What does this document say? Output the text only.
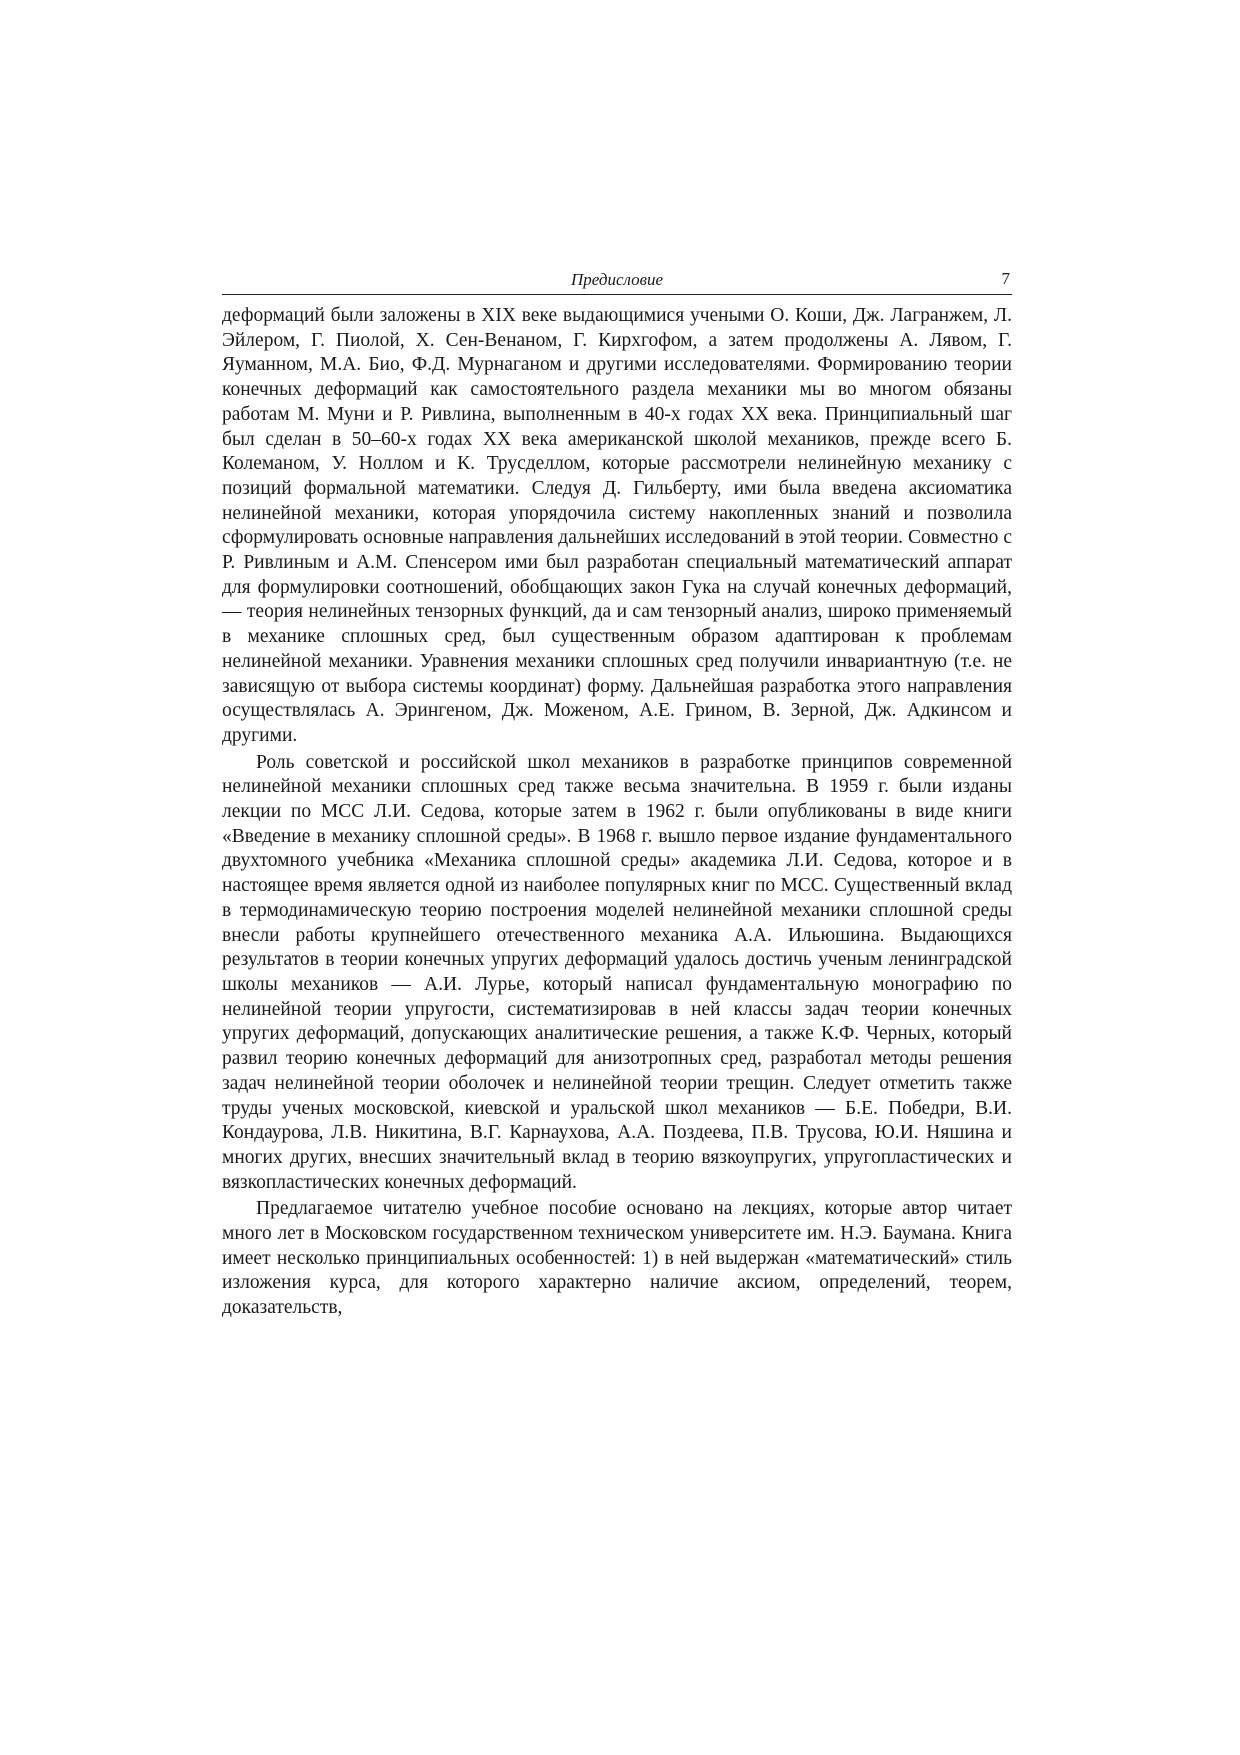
Предисловие	7

деформаций были заложены в XIX веке выдающимися учеными О. Коши, Дж. Лагранжем, Л. Эйлером, Г. Пиолой, Х. Сен-Венаном, Г. Кирхгофом, а затем продолжены А. Лявом, Г. Яуманном, М.А. Био, Ф.Д. Мурнаганом и другими исследователями. Формированию теории конечных деформаций как самостоятельного раздела механики мы во многом обязаны работам М. Муни и Р. Ривлина, выполненным в 40-х годах XX века. Принципиальный шаг был сделан в 50–60-х годах XX века американской школой механиков, прежде всего Б. Колеманом, У. Ноллом и К. Трусделлом, которые рассмотрели нелинейную механику с позиций формальной математики. Следуя Д. Гильберту, ими была введена аксиоматика нелинейной механики, которая упорядочила систему накопленных знаний и позволила сформулировать основные направления дальнейших исследований в этой теории. Совместно с Р. Ривлиным и А.М. Спенсером ими был разработан специальный математический аппарат для формулировки соотношений, обобщающих закон Гука на случай конечных деформаций, — теория нелинейных тензорных функций, да и сам тензорный анализ, широко применяемый в механике сплошных сред, был существенным образом адаптирован к проблемам нелинейной механики. Уравнения механики сплошных сред получили инвариантную (т.е. не зависящую от выбора системы координат) форму. Дальнейшая разработка этого направления осуществлялась А. Эрингеном, Дж. Моженом, А.Е. Грином, В. Зерной, Дж. Адкинсом и другими.

Роль советской и российской школ механиков в разработке принципов современной нелинейной механики сплошных сред также весьма значительна. В 1959 г. были изданы лекции по МСС Л.И. Седова, которые затем в 1962 г. были опубликованы в виде книги «Введение в механику сплошной среды». В 1968 г. вышло первое издание фундаментального двухтомного учебника «Механика сплошной среды» академика Л.И. Седова, которое и в настоящее время является одной из наиболее популярных книг по МСС. Существенный вклад в термодинамическую теорию построения моделей нелинейной механики сплошной среды внесли работы крупнейшего отечественного механика А.А. Ильюшина. Выдающихся результатов в теории конечных упругих деформаций удалось достичь ученым ленинградской школы механиков — А.И. Лурье, который написал фундаментальную монографию по нелинейной теории упругости, систематизировав в ней классы задач теории конечных упругих деформаций, допускающих аналитические решения, а также К.Ф. Черных, который развил теорию конечных деформаций для анизотропных сред, разработал методы решения задач нелинейной теории оболочек и нелинейной теории трещин. Следует отметить также труды ученых московской, киевской и уральской школ механиков — Б.Е. Победри, В.И. Кондаурова, Л.В. Никитина, В.Г. Карнаухова, А.А. Поздеева, П.В. Трусова, Ю.И. Няшина и многих других, внесших значительный вклад в теорию вязкоупругих, упругопластических и вязкопластических конечных деформаций.

Предлагаемое читателю учебное пособие основано на лекциях, которые автор читает много лет в Московском государственном техническом университете им. Н.Э. Баумана. Книга имеет несколько принципиальных особенностей: 1) в ней выдержан «математический» стиль изложения курса, для которого характерно наличие аксиом, определений, теорем, доказательств,
